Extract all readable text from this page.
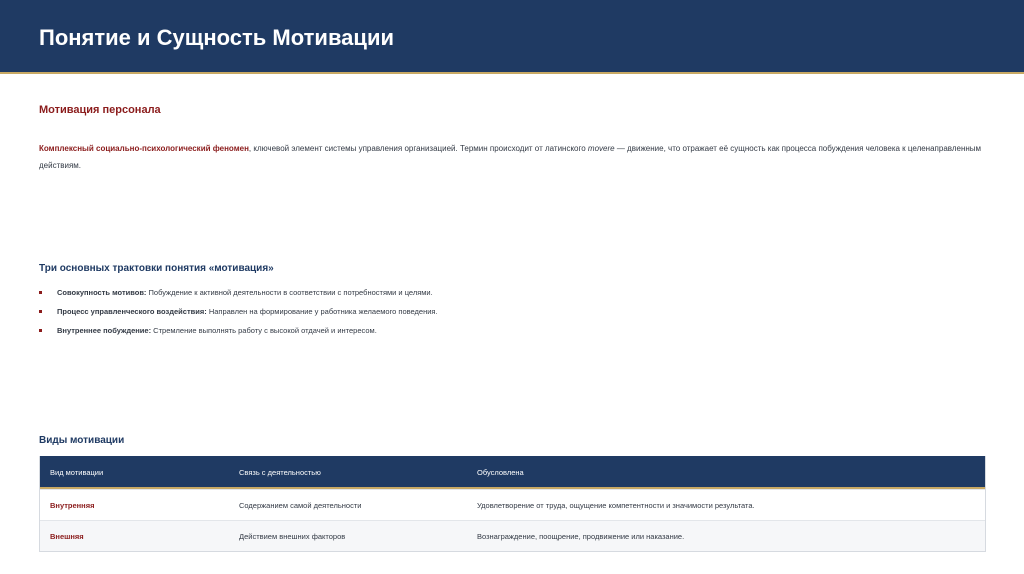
Понятие и Сущность Мотивации
Мотивация персонала

Комплексный социально-психологический феномен, ключевой элемент системы управления организацией. Термин происходит от латинского movere — движение, что отражает её сущность как процесса побуждения человека к целенаправленным действиям.

Три основных трактовки понятия «мотивация»
Совокупность мотивов: Побуждение к активной деятельности в соответствии с потребностями и целями.
Процесс управленческого воздействия: Направлен на формирование у работника желаемого поведения.
Внутреннее побуждение: Стремление выполнять работу с высокой отдачей и интересом.
Виды мотивации
Вид мотивации	Связь с деятельностью	Обусловлена
Внутренняя	Содержанием самой деятельности	Удовлетворение от труда, ощущение компетентности и значимости результата.
Внешняя	Действием внешних факторов	Вознаграждение, поощрение, продвижение или наказание.
